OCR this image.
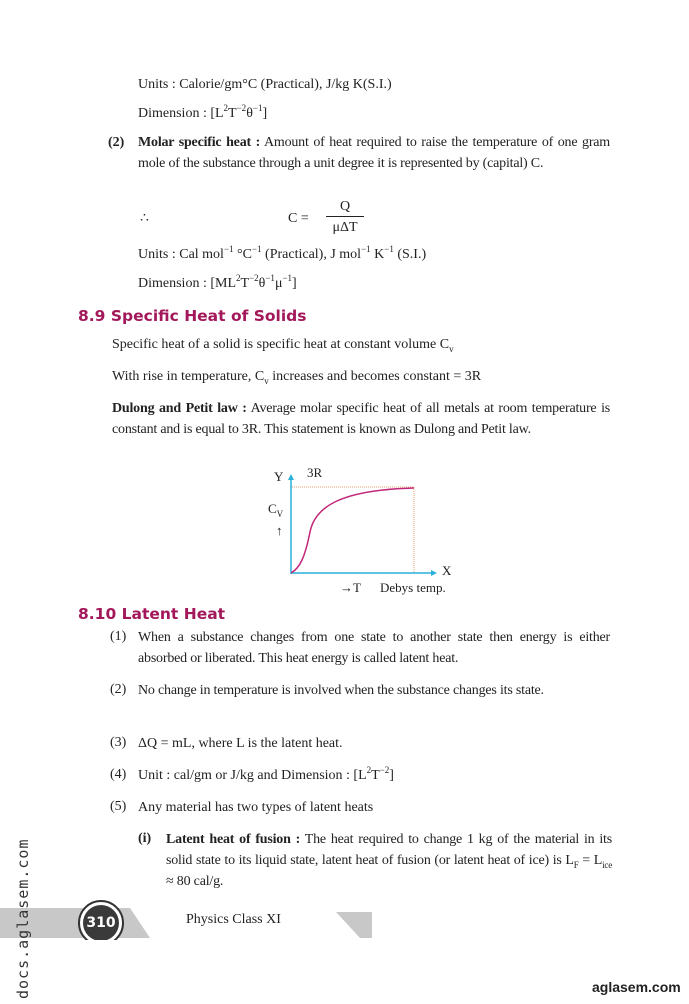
Units : Calorie/gm°C (Practical), J/kg K(S.I.)
Dimension : $[L^2T^{-2}\theta^{-1}]$
(2) Molar specific heat : Amount of heat required to raise the temperature of one gram mole of the substance through a unit degree it is represented by (capital) C.
∴	C =
Q
μΔT
Units : Cal mol$^{-1}$ $^\circ C^{-1}$ (Practical), J mol$^{-1}$ $K^{-1}$ (S.I.)
Dimension : $[ML^2T^{-2}\theta^{-1}\mu^{-1}]$
8.9 Specific Heat of Solids
Specific heat of a solid is specific heat at constant volume $C_v$
With rise in temperature, $C_v$ increases and becomes constant = 3R
Dulong and Petit law : Average molar specific heat of all metals at room temperature is constant and is equal to 3R. This statement is known as Dulong and Petit law.
Y 3R
$C_V$
↑
X
→T Debys temp.
8.10 Latent Heat
(1) When a substance changes from one state to another state then energy is either absorbed or liberated. This heat energy is called latent heat.
(2) No change in temperature is involved when the substance changes its state.
(3) ΔQ = mL, where L is the latent heat.
(4) Unit : cal/gm or J/kg and Dimension : $[L^2T^{-2}]$
(5) Any material has two types of latent heats
(i) Latent heat of fusion : The heat required to change 1 kg of the material in its solid state to its liquid state, latent heat of fusion (or latent heat of ice) is $L_F = L_{ice} \approx 80$ cal/g.
310	Physics Class XI
docs.aglasem.com	aglasem.com
